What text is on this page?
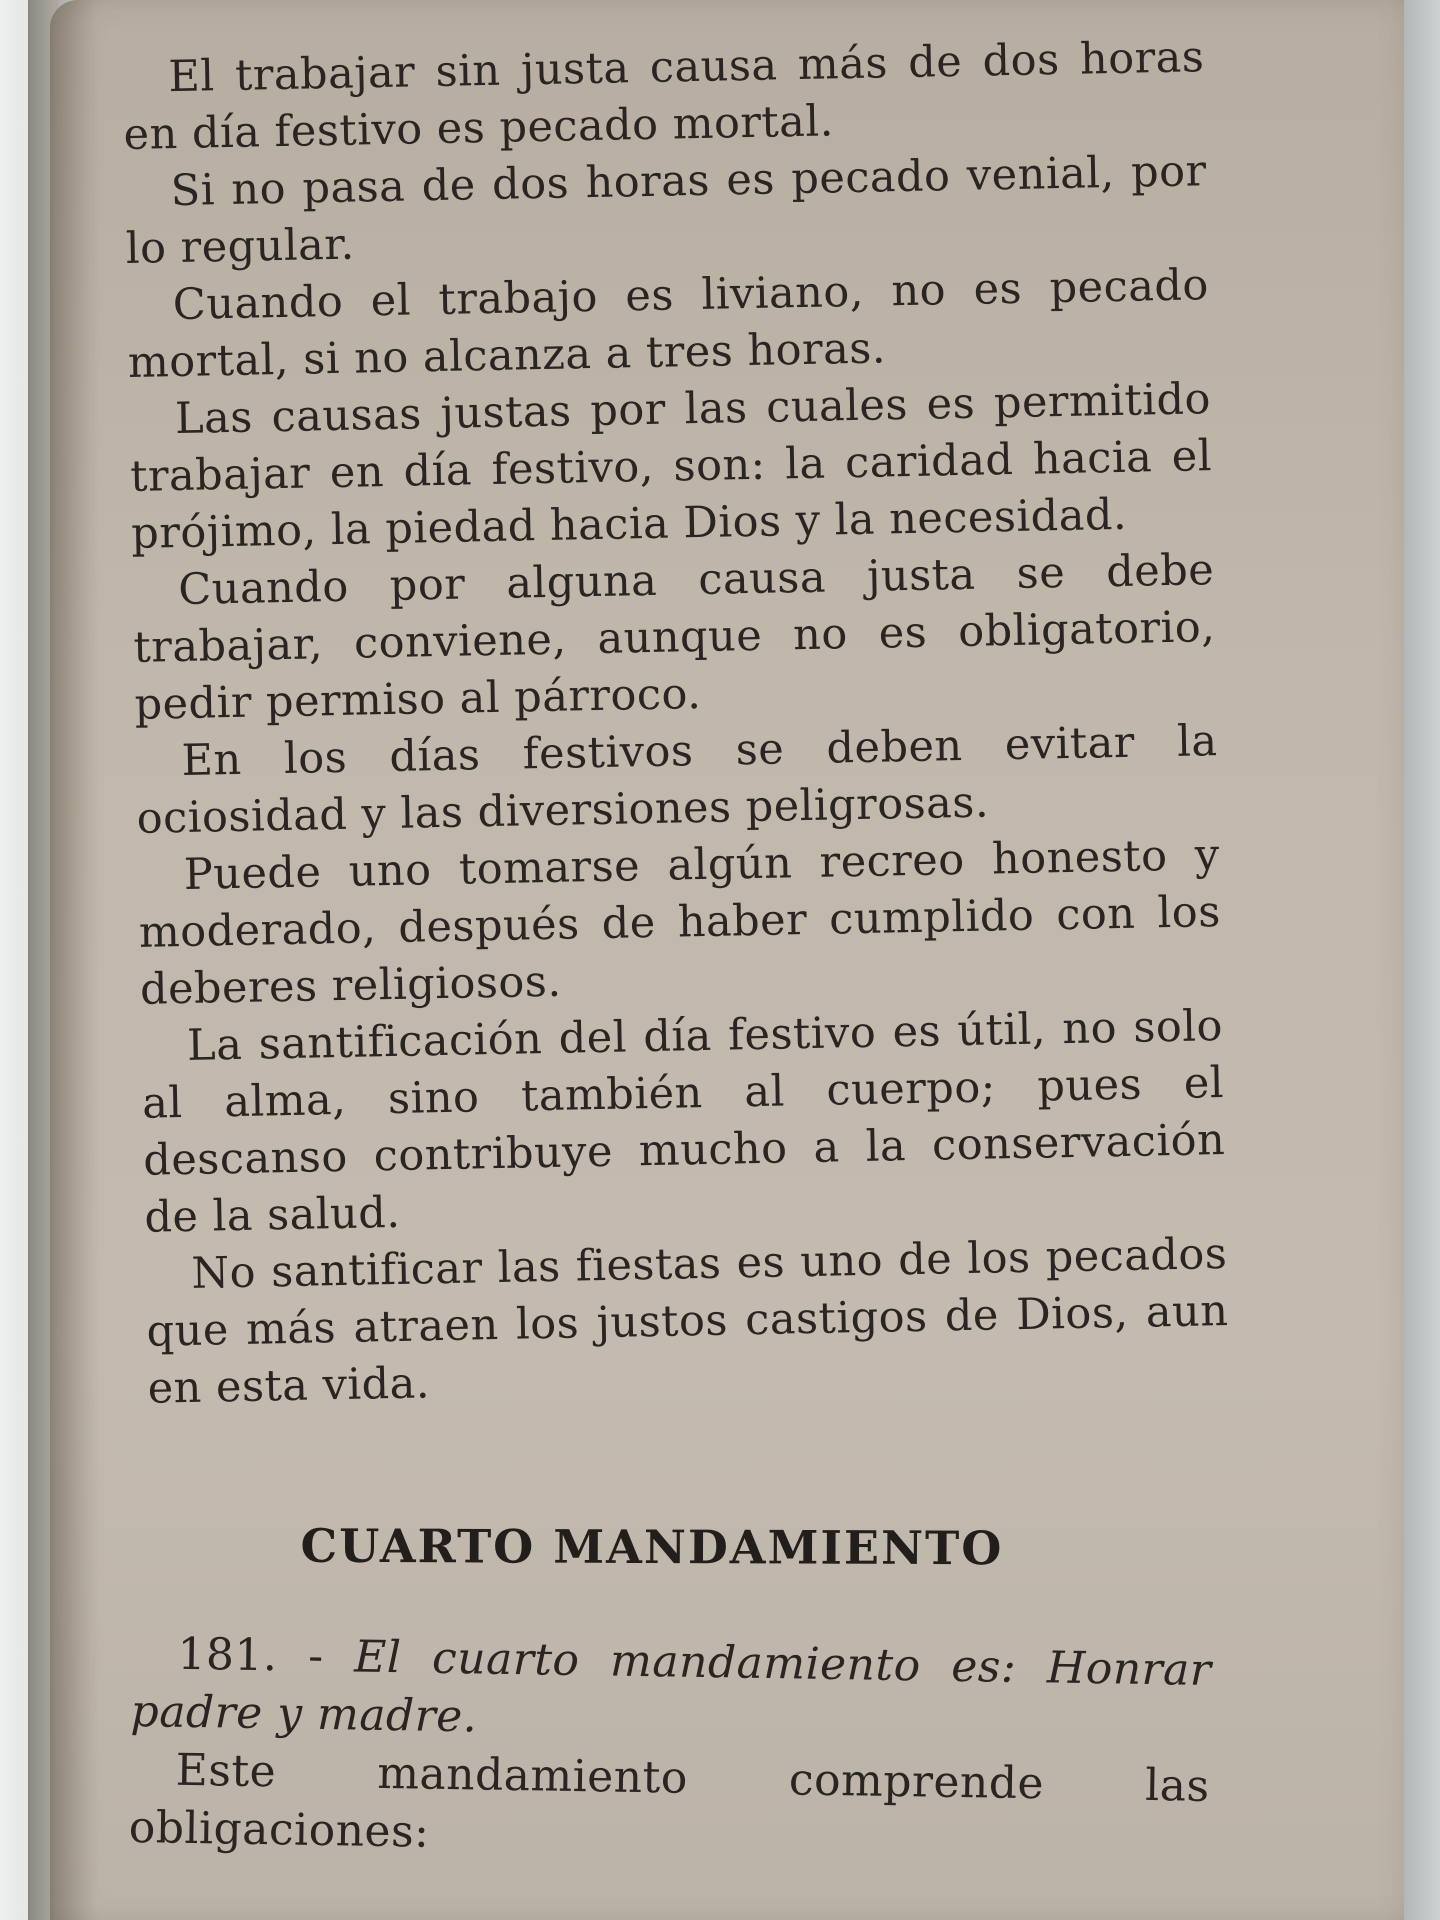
El trabajar sin justa causa más de dos horas en día festivo es pecado mortal.

Si no pasa de dos horas es pecado venial, por lo regular.

Cuando el trabajo es liviano, no es pecado mortal, si no alcanza a tres horas.

Las causas justas por las cuales es permitido trabajar en día festivo, son: la caridad hacia el prójimo, la piedad hacia Dios y la necesidad.

Cuando por alguna causa justa se debe trabajar, conviene, aunque no es obligatorio, pedir permiso al párroco.

En los días festivos se deben evitar la ociosidad y las diversiones peligrosas.

Puede uno tomarse algún recreo honesto y moderado, después de haber cumplido con los deberes religiosos.

La santificación del día festivo es útil, no solo al alma, sino también al cuerpo; pues el descanso contribuye mucho a la conservación de la salud.

No santificar las fiestas es uno de los pecados que más atraen los justos castigos de Dios, aun en esta vida.

CUARTO MANDAMIENTO

181. - El cuarto mandamiento es: Honrar padre y madre.

Este mandamiento comprende las obligaciones:
